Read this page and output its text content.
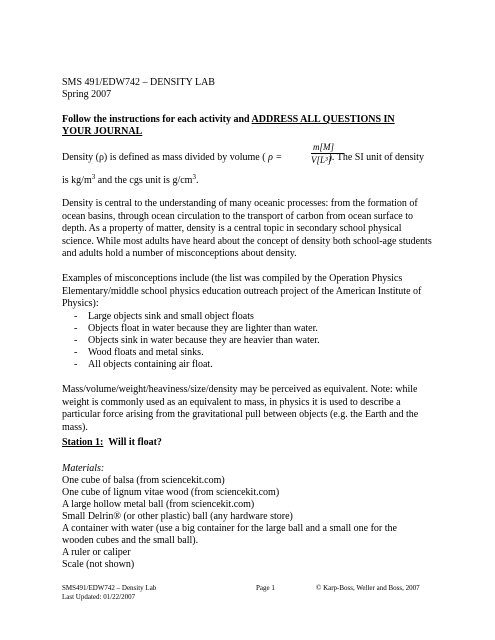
SMS 491/EDW742 – DENSITY LAB
Spring 2007
Follow the instructions for each activity and ADDRESS ALL QUESTIONS IN
YOUR JOURNAL
Density (ρ) is defined as mass divided by volume ( ρ =	). The SI unit of density
m[M]
V[L³]
is $kg/m^3$ and the cgs unit is $g/cm^3$.
Density is central to the understanding of many oceanic processes: from the formation of ocean basins, through ocean circulation to the transport of carbon from ocean surface to depth. As a property of matter, density is a central topic in secondary school physical science. While most adults have heard about the concept of density both school-age students and adults hold a number of misconceptions about density.
Examples of misconceptions include (the list was compiled by the Operation Physics Elementary/middle school physics education outreach project of the American Institute of Physics):
- Large objects sink and small object floats
- Objects float in water because they are lighter than water.
- Objects sink in water because they are heavier than water.
- Wood floats and metal sinks.
- All objects containing air float.
Mass/volume/weight/heaviness/size/density may be perceived as equivalent. Note: while weight is commonly used as an equivalent to mass, in physics it is used to describe a particular force arising from the gravitational pull between objects (e.g. the Earth and the mass).
Station 1:  Will it float?
Materials:
One cube of balsa (from sciencekit.com)
One cube of lignum vitae wood (from sciencekit.com)
A large hollow metal ball (from sciencekit.com)
Small Delrin® (or other plastic) ball (any hardware store)
A container with water (use a big container for the large ball and a small one for the
wooden cubes and the small ball).
A ruler or caliper
Scale (not shown)
SMS491/EDW742 – Density Lab
Last Updated: 01/22/2007
Page 1	© Karp-Boss, Weller and Boss, 2007
